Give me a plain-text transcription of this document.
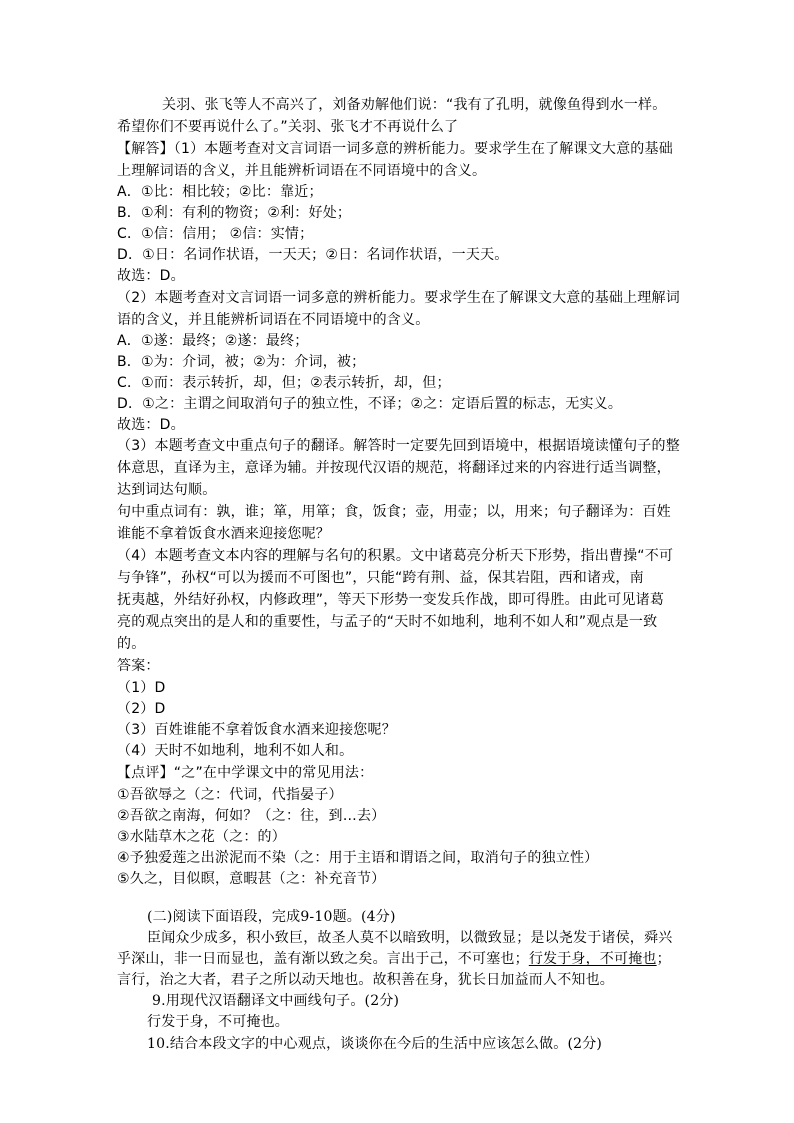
关羽、张飞等人不高兴了，刘备劝解他们说：“我有了孔明，就像鱼得到水一样。
希望你们不要再说什么了。”关羽、张飞才不再说什么了
【解答】（1）本题考查对文言词语一词多意的辨析能力。要求学生在了解课文大意的基础
上理解词语的含义，并且能辨析词语在不同语境中的含义。
A．①比：相比较；②比：靠近；
B．①利：有利的物资；②利：好处；
C．①信：信用； ②信：实情；
D．①日：名词作状语，一天天；②日：名词作状语，一天天。
故选：D。
（2）本题考查对文言词语一词多意的辨析能力。要求学生在了解课文大意的基础上理解词
语的含义，并且能辨析词语在不同语境中的含义。
A．①遂：最终；②遂：最终；
B．①为：介词，被；②为：介词，被；
C．①而：表示转折，却，但；②表示转折，却，但；
D．①之：主谓之间取消句子的独立性，不译；②之：定语后置的标志，无实义。
故选：D。
（3）本题考查文中重点句子的翻译。解答时一定要先回到语境中，根据语境读懂句子的整
体意思，直译为主，意译为辅。并按现代汉语的规范，将翻译过来的内容进行适当调整，
达到词达句顺。
句中重点词有：孰，谁；箪，用箪；食，饭食；壶，用壶；以，用来；句子翻译为：百姓
谁能不拿着饭食水酒来迎接您呢？
（4）本题考查文本内容的理解与名句的积累。文中诸葛亮分析天下形势，指出曹操“不可
与争锋”，孙权“可以为援而不可图也”，只能“跨有荆、益，保其岩阻，西和诸戎，南
抚夷越，外结好孙权，内修政理”，等天下形势一变发兵作战，即可得胜。由此可见诸葛
亮的观点突出的是人和的重要性，与孟子的“天时不如地利，地利不如人和”观点是一致
的。
答案：
（1）D
（2）D
（3）百姓谁能不拿着饭食水酒来迎接您呢？
（4）天时不如地利，地利不如人和。
【点评】“之”在中学课文中的常见用法：
①吾欲辱之（之：代词，代指晏子）
②吾欲之南海，何如？（之：往，到…去）
③水陆草木之花（之：的）
④予独爱莲之出淤泥而不染（之：用于主语和谓语之间，取消句子的独立性）
⑤久之，目似瞑，意暇甚（之：补充音节）
(二)阅读下面语段，完成9-10题。(4分)
臣闻众少成多，积小致巨，故圣人莫不以暗致明，以微致显；是以尧发于诸侯，舜兴
乎深山，非一日而显也，盖有渐以致之矣。言出于己，不可塞也；行发于身，不可掩也；
言行，治之大者，君子之所以动天地也。故积善在身，犹长日加益而人不知也。
9.用现代汉语翻译文中画线句子。(2分)
行发于身，不可掩也。
10.结合本段文字的中心观点，谈谈你在今后的生活中应该怎么做。(2分)
